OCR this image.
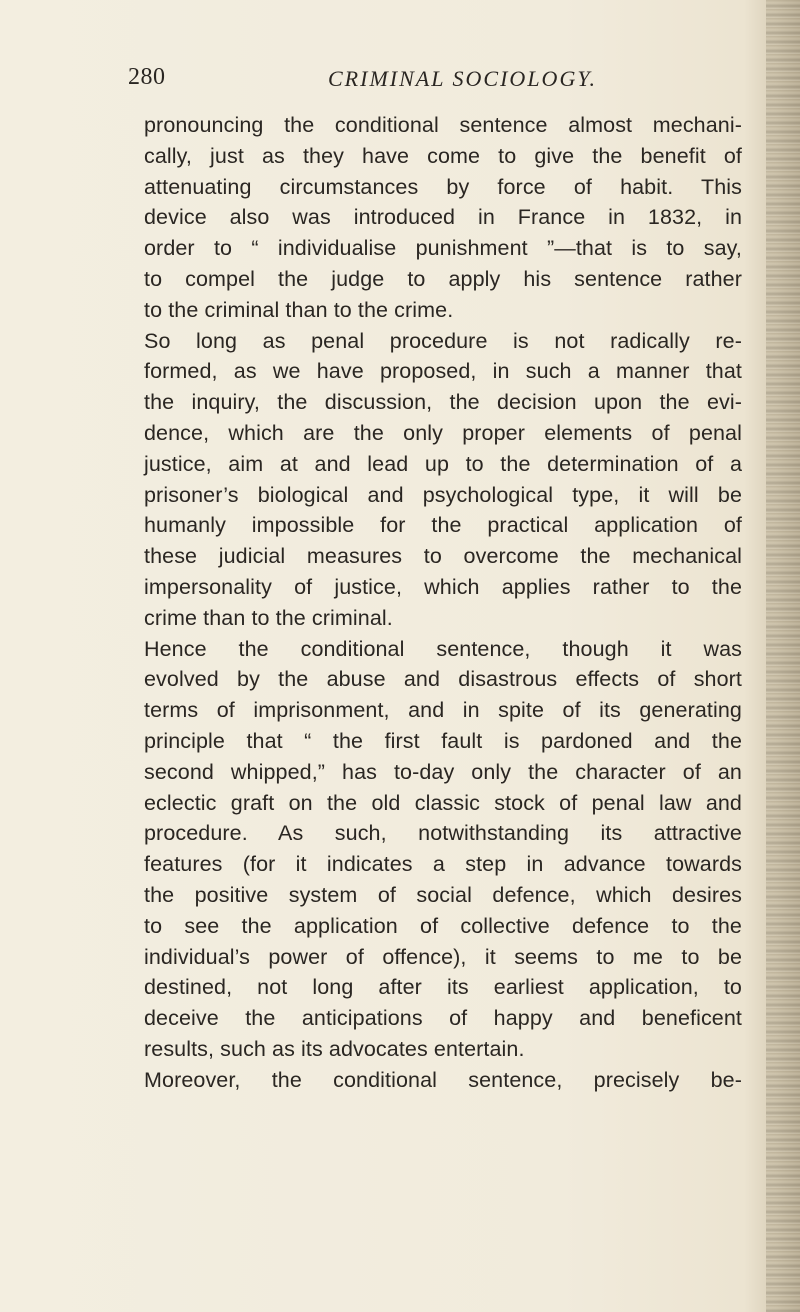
280	CRIMINAL SOCIOLOGY.
pronouncing the conditional sentence almost mechani-
cally, just as they have come to give the benefit of
attenuating circumstances by force of habit. This
device also was introduced in France in 1832, in
order to “ individualise punishment ”—that is to say,
to compel the judge to apply his sentence rather
to the criminal than to the crime.
So long as penal procedure is not radically re-
formed, as we have proposed, in such a manner that
the inquiry, the discussion, the decision upon the evi-
dence, which are the only proper elements of penal
justice, aim at and lead up to the determination of a
prisoner’s biological and psychological type, it will be
humanly impossible for the practical application of
these judicial measures to overcome the mechanical
impersonality of justice, which applies rather to the
crime than to the criminal.
Hence the conditional sentence, though it was
evolved by the abuse and disastrous effects of short
terms of imprisonment, and in spite of its generating
principle that “ the first fault is pardoned and the
second whipped,” has to-day only the character of an
eclectic graft on the old classic stock of penal law and
procedure. As such, notwithstanding its attractive
features (for it indicates a step in advance towards
the positive system of social defence, which desires
to see the application of collective defence to the
individual’s power of offence), it seems to me to be
destined, not long after its earliest application, to
deceive the anticipations of happy and beneficent
results, such as its advocates entertain.
Moreover, the conditional sentence, precisely be-
